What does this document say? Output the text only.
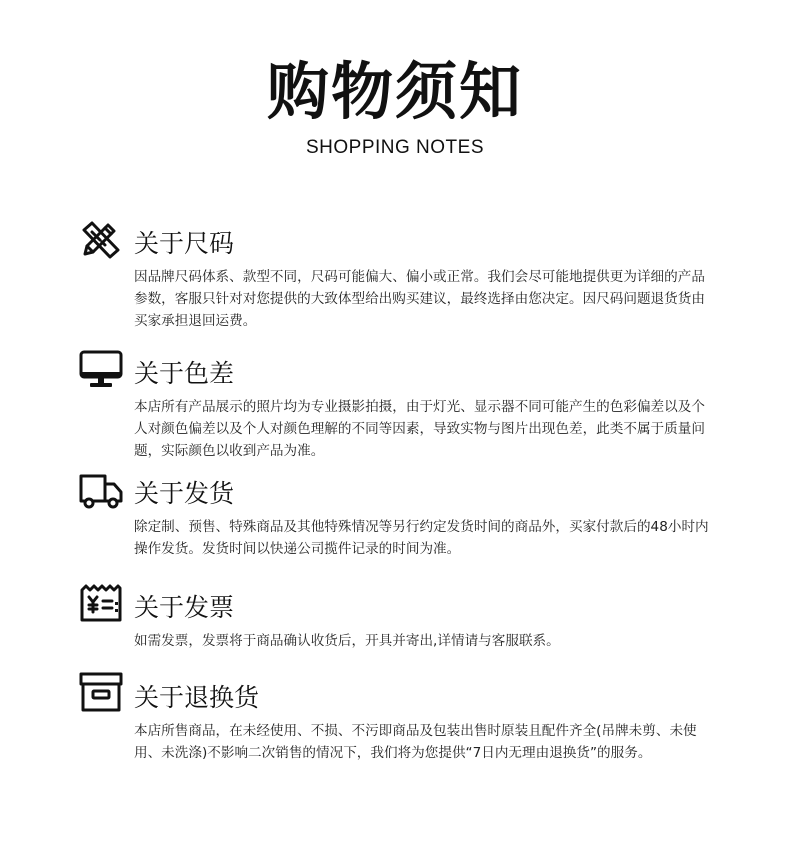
购物须知
SHOPPING NOTES
关于尺码
因品牌尺码体系、款型不同，尺码可能偏大、偏小或正常。我们会尽可能地提供更为详细的产品参数，客服只针对对您提供的大致体型给出购买建议，最终选择由您决定。因尺码问题退货货由买家承担退回运费。
关于色差
本店所有产品展示的照片均为专业摄影拍摄，由于灯光、显示器不同可能产生的色彩偏差以及个人对颜色偏差以及个人对颜色理解的不同等因素，导致实物与图片出现色差，此类不属于质量问题，实际颜色以收到产品为准。
关于发货
除定制、预售、特殊商品及其他特殊情况等另行约定发货时间的商品外，买家付款后的48小时内操作发货。发货时间以快递公司揽件记录的时间为准。
关于发票
如需发票，发票将于商品确认收货后，开具并寄出,详情请与客服联系。
关于退换货
本店所售商品，在未经使用、不损、不污即商品及包装出售时原装且配件齐全(吊牌未剪、未使用、未洗涤)不影响二次销售的情况下，我们将为您提供“7日内无理由退换货”的服务。
